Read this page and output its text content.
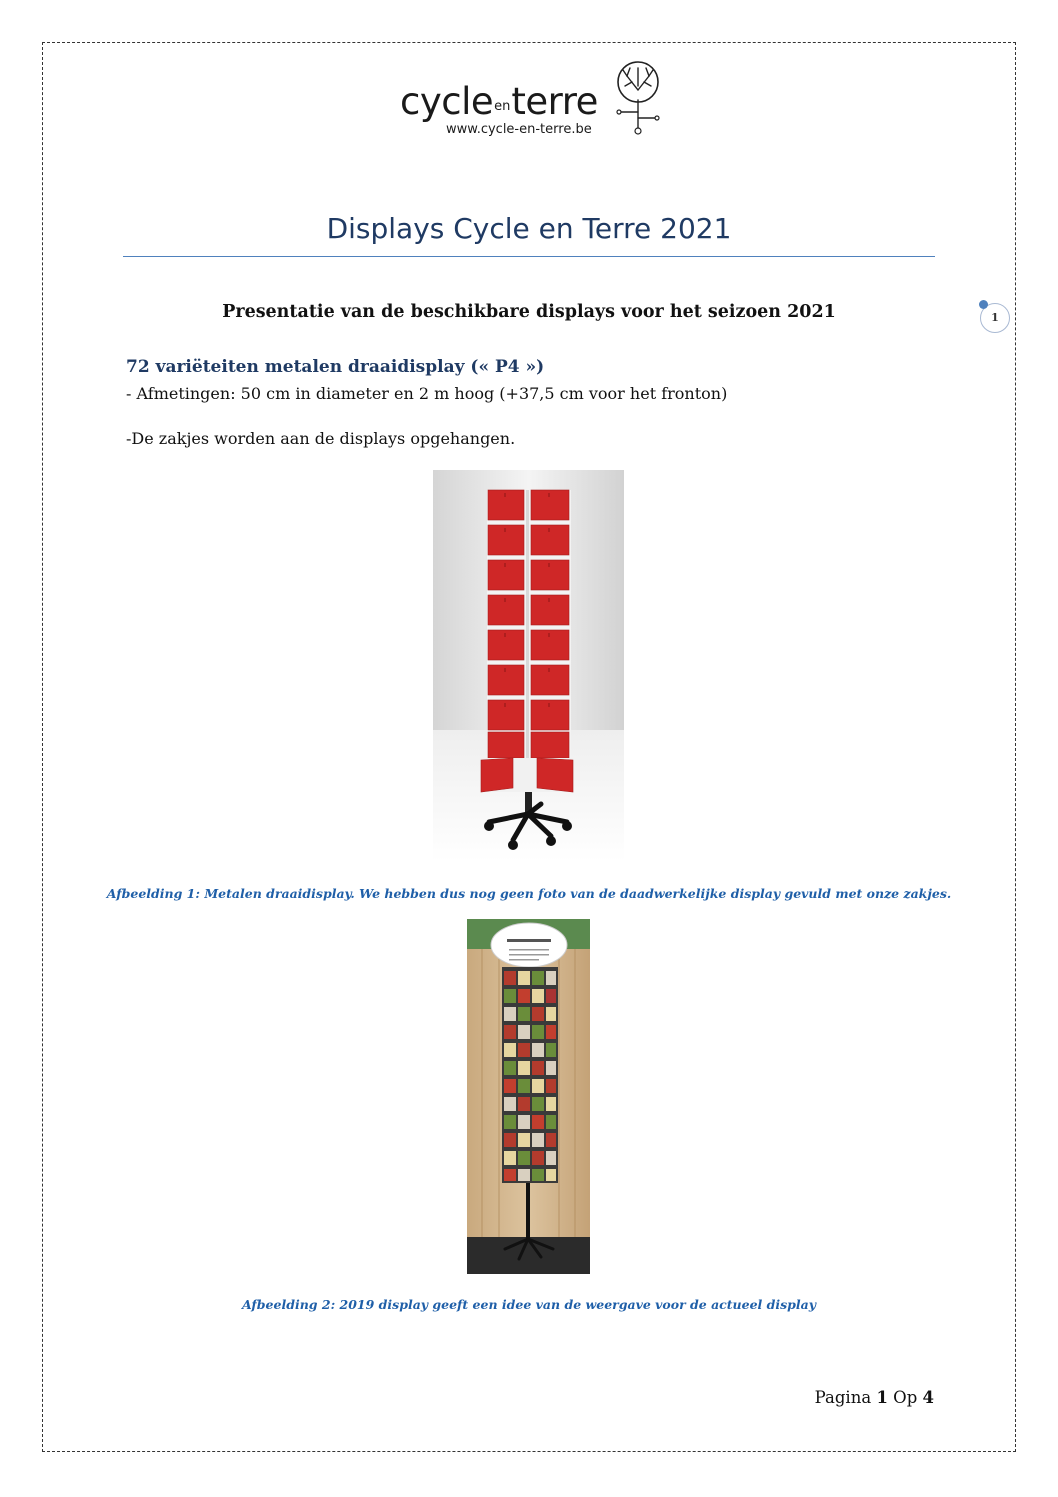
cycleenterre
www.cycle-en-terre.be
Displays Cycle en Terre 2021
1
Presentatie van de beschikbare displays voor het seizoen 2021
72 variëteiten metalen draaidisplay (« P4 »)
- Afmetingen: 50 cm in diameter en 2 m hoog (+37,5 cm voor het fronton)
-De zakjes worden aan de displays opgehangen.
Afbeelding 1: Metalen draaidisplay. We hebben dus nog geen foto van de daadwerkelijke display gevuld met onze zakjes.
Afbeelding 2: 2019 display geeft een idee van de weergave voor de actueel display
Pagina 1 Op 4
